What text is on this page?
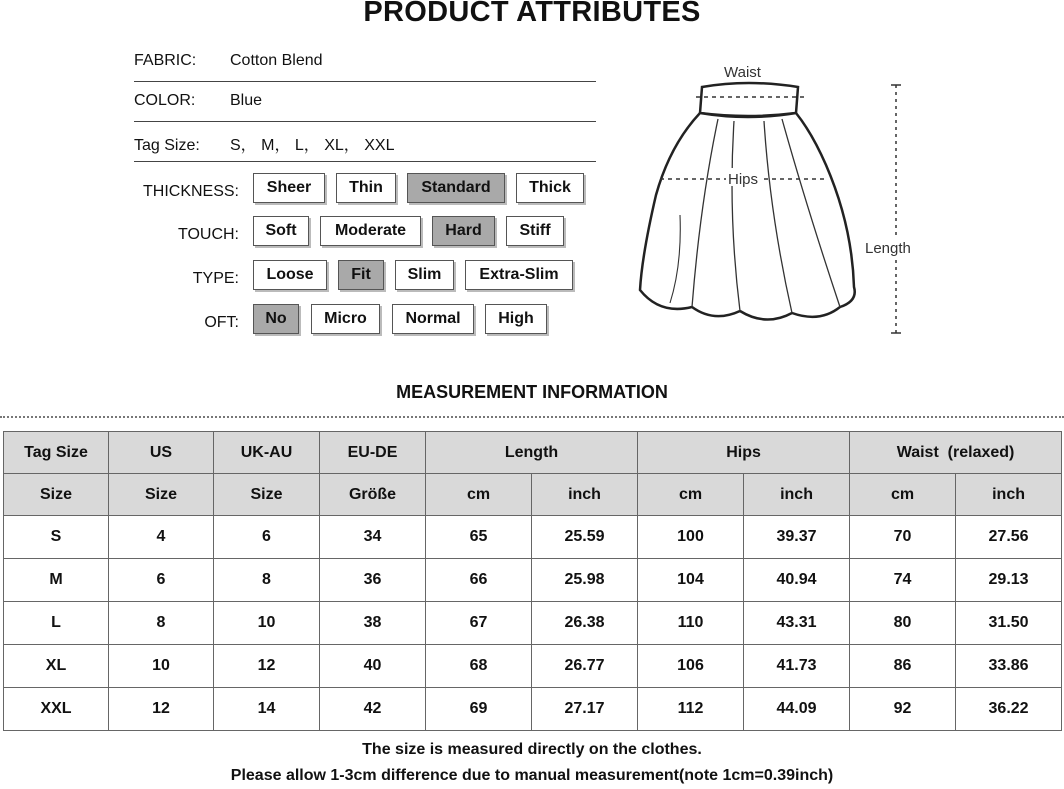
PRODUCT ATTRIBUTES
FABRIC: Cotton Blend
COLOR: Blue
Tag Size: S， M， L， XL， XXL
THICKNESS:	Sheer	Thin	Standard	Thick
TOUCH:	Soft	Moderate	Hard	Stiff
TYPE:	Loose	Fit	Slim	Extra-Slim
OFT:	No	Micro	Normal	High
Waist
Hips
Length
MEASUREMENT INFORMATION
Tag Size	US	UK-AU	EU-DE	Length		Hips		Waist  (relaxed)	
Size	Size	Size	Größe	cm	inch	cm	inch	cm	inch
S	4	6	34	65	25.59	100	39.37	70	27.56
M	6	8	36	66	25.98	104	40.94	74	29.13
L	8	10	38	67	26.38	110	43.31	80	31.50
XL	10	12	40	68	26.77	106	41.73	86	33.86
XXL	12	14	42	69	27.17	112	44.09	92	36.22
The size is measured directly on the clothes.
Please allow 1-3cm difference due to manual measurement(note 1cm=0.39inch)
